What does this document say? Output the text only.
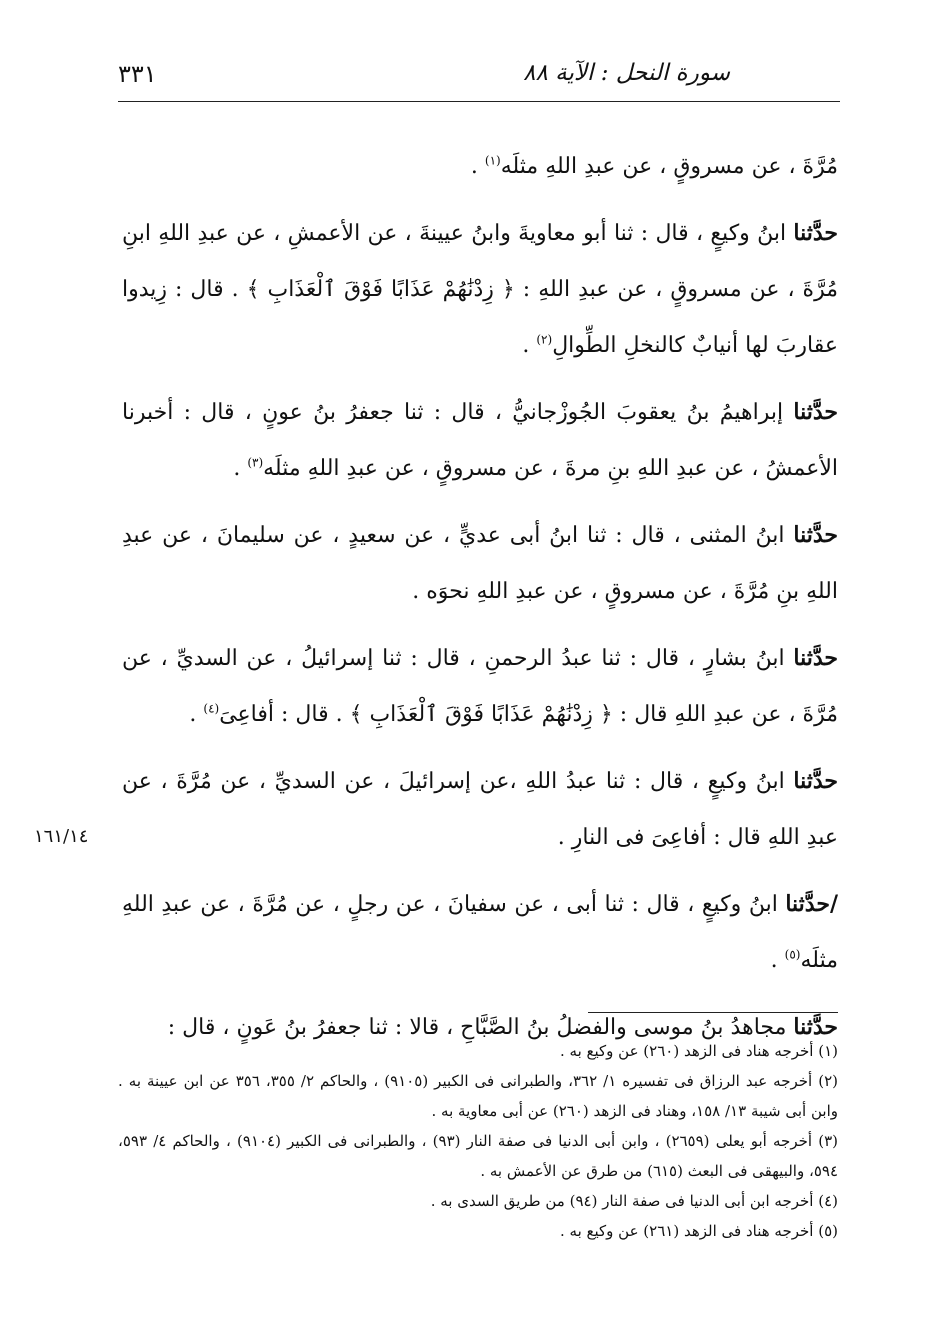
٣٣١	سورة النحل : الآية ٨٨

مُرَّةَ ، عن مسروقٍ ، عن عبدِ اللهِ مثلَه$^{(١)}$ .

حدَّثنا ابنُ وكيعٍ ، قال : ثنا أبو معاويةَ وابنُ عيينةَ ، عن الأعمشِ ، عن عبدِ اللهِ ابنِ مُرَّةَ ، عن مسروقٍ ، عن عبدِ اللهِ : ﴿ زِدْنَٰهُمْ عَذَابًا فَوْقَ ٱلْعَذَابِ ﴾ . قال : زِيدوا عقاربَ لها أنيابٌ كالنخلِ الطِّوالِ$^{(٢)}$ .

حدَّثنا إبراهيمُ بنُ يعقوبَ الجُوزْجانيُّ ، قال : ثنا جعفرُ بنُ عونٍ ، قال : أخبرنا الأعمشُ ، عن عبدِ اللهِ بنِ مرةَ ، عن مسروقٍ ، عن عبدِ اللهِ مثلَه$^{(٣)}$ .

حدَّثنا ابنُ المثنى ، قال : ثنا ابنُ أبى عديٍّ ، عن سعيدٍ ، عن سليمانَ ، عن عبدِ اللهِ بنِ مُرَّةَ ، عن مسروقٍ ، عن عبدِ اللهِ نحوَه .

حدَّثنا ابنُ بشارٍ ، قال : ثنا عبدُ الرحمنِ ، قال : ثنا إسرائيلُ ، عن السديِّ ، عن مُرَّةَ ، عن عبدِ اللهِ قال : ﴿ زِدْنَٰهُمْ عَذَابًا فَوْقَ ٱلْعَذَابِ ﴾ . قال : أفاعِىَ$^{(٤)}$ .

حدَّثنا ابنُ وكيعٍ ، قال : ثنا عبدُ اللهِ ،عن إسرائيلَ ، عن السديِّ ، عن مُرَّةَ ، عن عبدِ اللهِ قال : أفاعِىَ فى النارِ .

/حدَّثنا ابنُ وكيعٍ ، قال : ثنا أبى ، عن سفيانَ ، عن رجلٍ ، عن مُرَّةَ ، عن عبدِ اللهِ مثلَه$^{(٥)}$ .

حدَّثنا مجاهدُ بنُ موسى والفضلُ بنُ الصَّبَّاحِ ، قالا : ثنا جعفرُ بنُ عَونٍ ، قال :

١٦١/١٤

(١) أخرجه هناد فى الزهد (٢٦٠) عن وكيع به .

(٢) أخرجه عبد الرزاق فى تفسيره ١/ ٣٦٢، والطبرانى فى الكبير (٩١٠٥) ، والحاكم ٢/ ٣٥٥، ٣٥٦ عن ابن عيينة به . وابن أبى شيبة ١٣/ ١٥٨، وهناد فى الزهد (٢٦٠) عن أبى معاوية به .

(٣) أخرجه أبو يعلى (٢٦٥٩) ، وابن أبى الدنيا فى صفة النار (٩٣) ، والطبرانى فى الكبير (٩١٠٤) ، والحاكم ٤/ ٥٩٣، ٥٩٤، والبيهقى فى البعث (٦١٥) من طرق عن الأعمش به .

(٤) أخرجه ابن أبى الدنيا فى صفة النار (٩٤) من طريق السدى به .

(٥) أخرجه هناد فى الزهد (٢٦١) عن وكيع به .
